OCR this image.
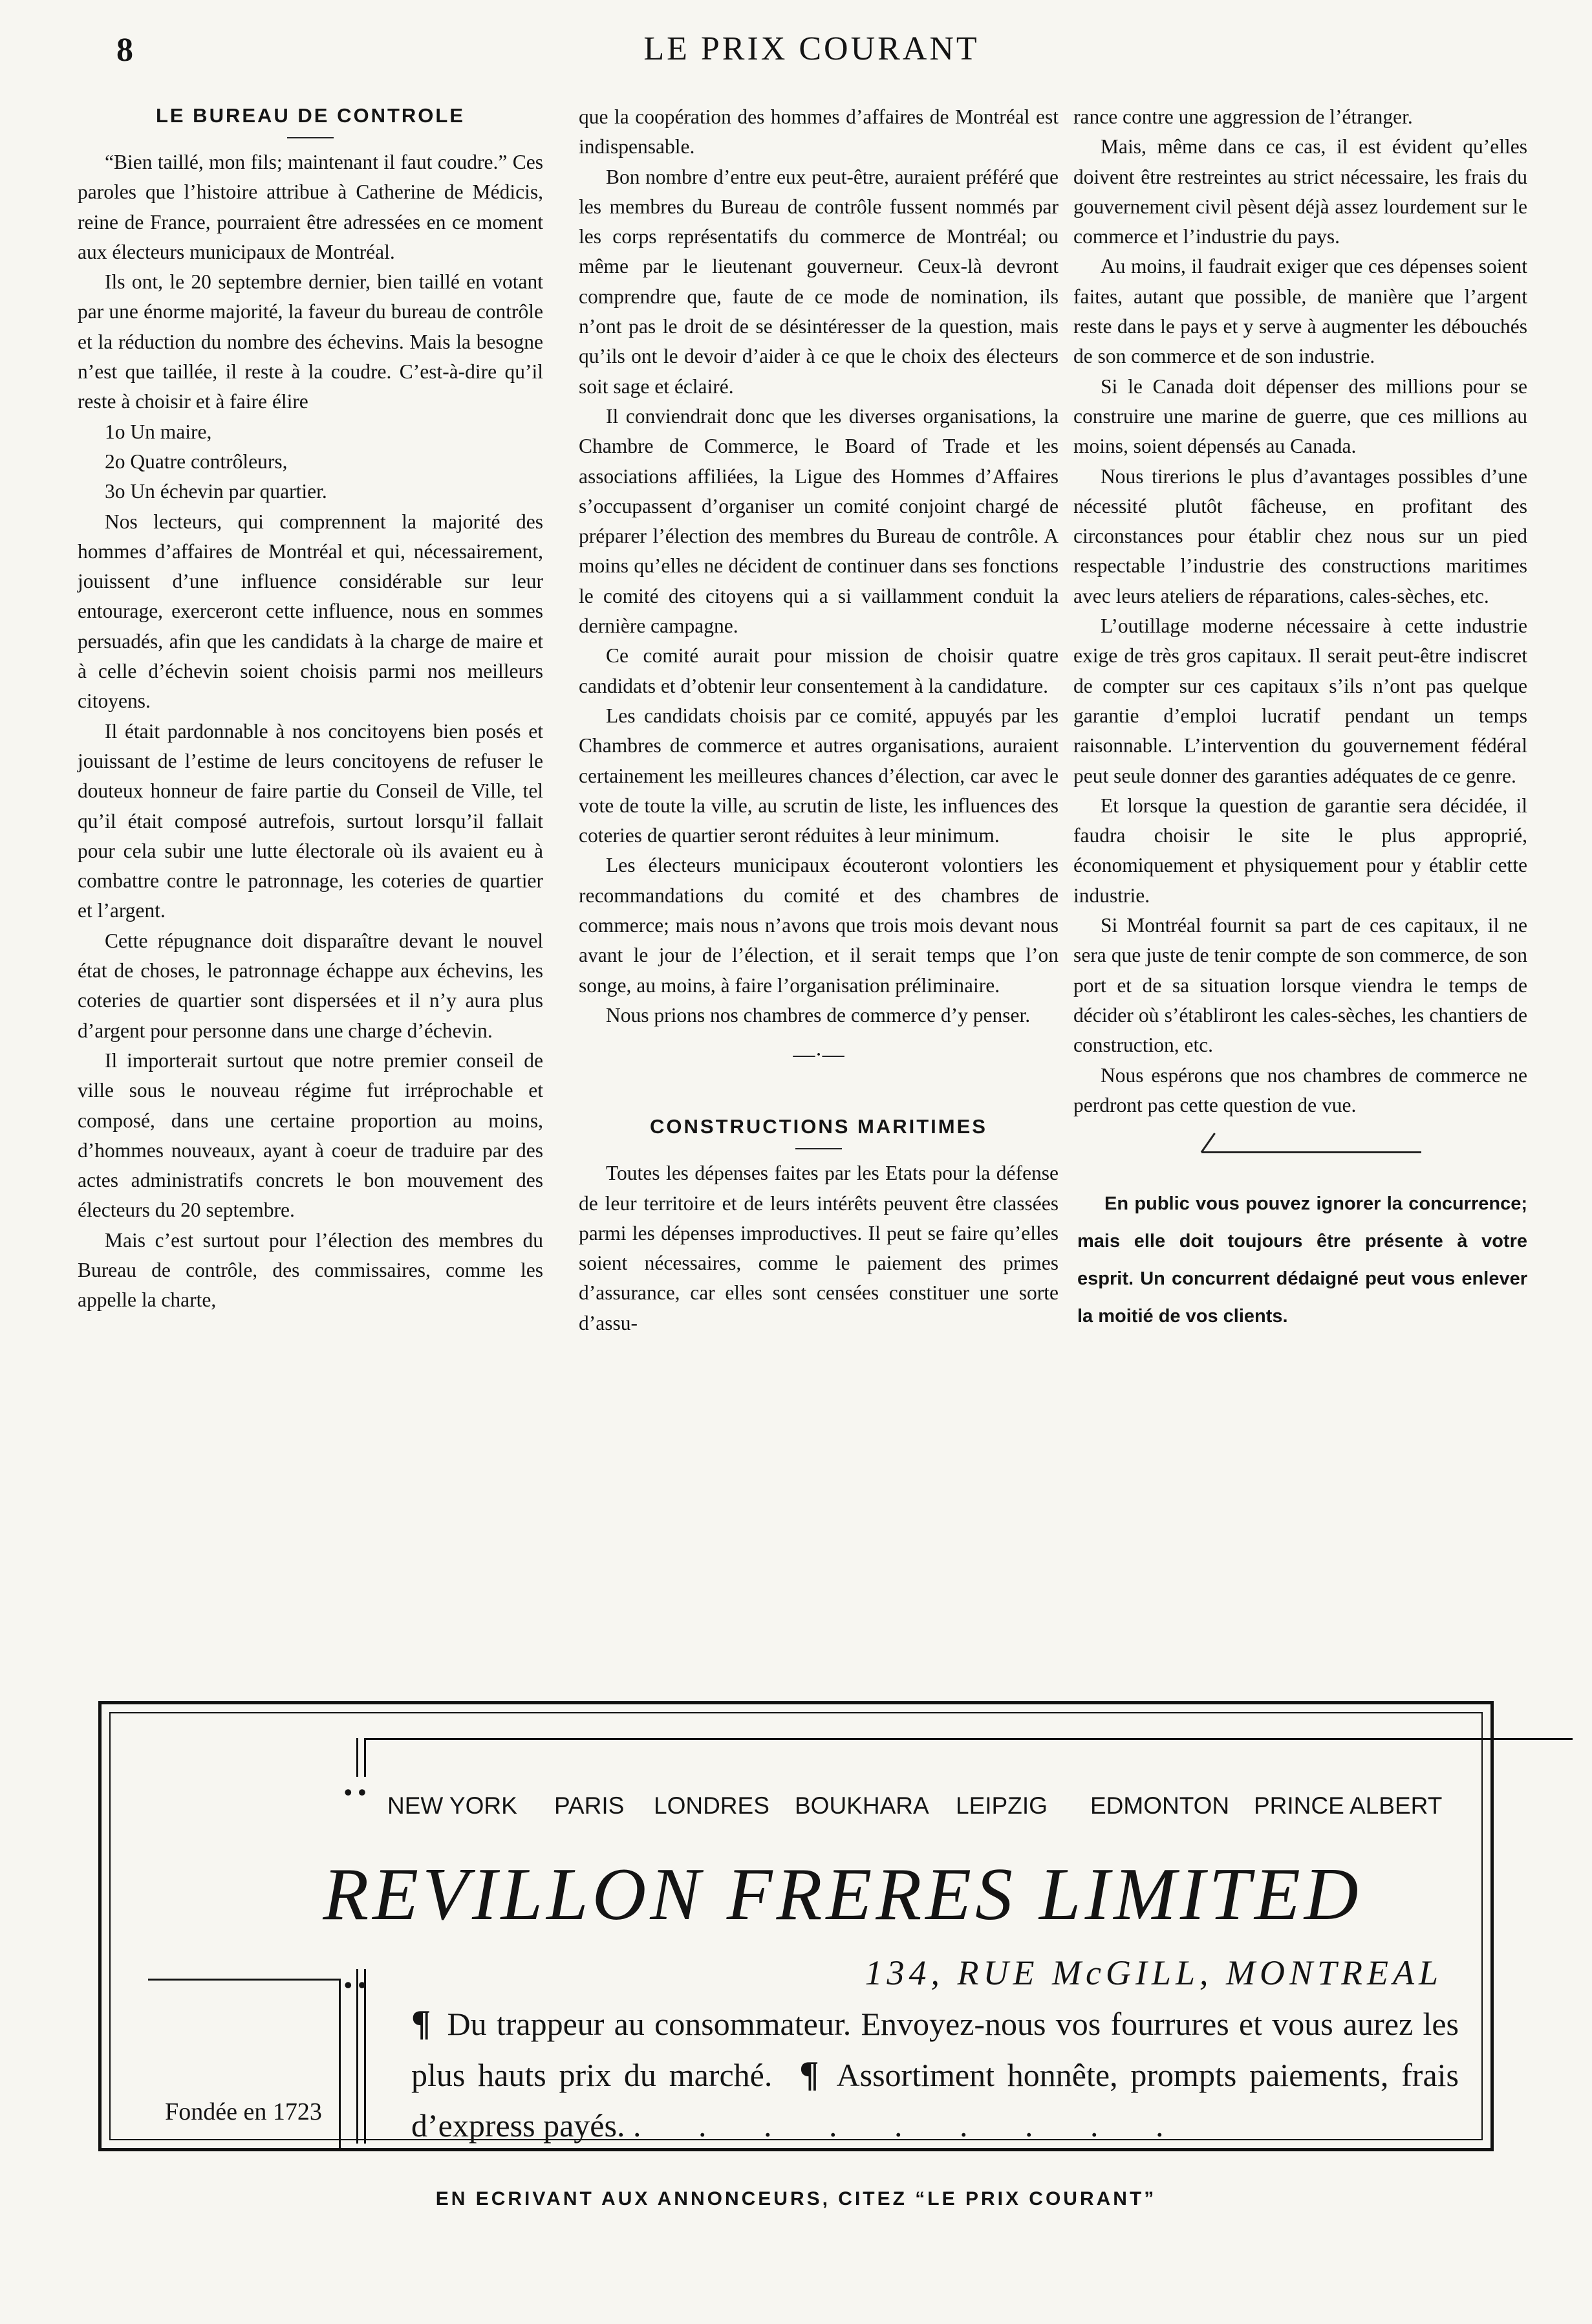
8	LE PRIX COURANT
LE BUREAU DE CONTROLE

“Bien taillé, mon fils; maintenant il faut coudre.” Ces paroles que l’histoire attribue à Catherine de Médicis, reine de France, pourraient être adressées en ce moment aux électeurs municipaux de Montréal.

Ils ont, le 20 septembre dernier, bien taillé en votant par une énorme majorité, la faveur du bureau de contrôle et la réduction du nombre des échevins. Mais la besogne n’est que taillée, il reste à la coudre. C’est-à-dire qu’il reste à choisir et à faire élire

1o Un maire,

2o Quatre contrôleurs,

3o Un échevin par quartier.

Nos lecteurs, qui comprennent la majorité des hommes d’affaires de Montréal et qui, nécessairement, jouissent d’une influence considérable sur leur entourage, exerceront cette influence, nous en sommes persuadés, afin que les candidats à la charge de maire et à celle d’échevin soient choisis parmi nos meilleurs citoyens.

Il était pardonnable à nos concitoyens bien posés et jouissant de l’estime de leurs concitoyens de refuser le douteux honneur de faire partie du Conseil de Ville, tel qu’il était composé autrefois, surtout lorsqu’il fallait pour cela subir une lutte électorale où ils avaient eu à combattre contre le patronnage, les coteries de quartier et l’argent.

Cette répugnance doit disparaître devant le nouvel état de choses, le patronnage échappe aux échevins, les coteries de quartier sont dispersées et il n’y aura plus d’argent pour personne dans une charge d’échevin.

Il importerait surtout que notre premier conseil de ville sous le nouveau régime fut irréprochable et composé, dans une certaine proportion au moins, d’hommes nouveaux, ayant à coeur de traduire par des actes administratifs concrets le bon mouvement des électeurs du 20 septembre.

Mais c’est surtout pour l’élection des membres du Bureau de contrôle, des commissaires, comme les appelle la charte,

que la coopération des hommes d’affaires de Montréal est indispensable.

Bon nombre d’entre eux peut-être, auraient préféré que les membres du Bureau de contrôle fussent nommés par les corps représentatifs du commerce de Montréal; ou même par le lieutenant gouverneur. Ceux-là devront comprendre que, faute de ce mode de nomination, ils n’ont pas le droit de se désintéresser de la question, mais qu’ils ont le devoir d’aider à ce que le choix des électeurs soit sage et éclairé.

Il conviendrait donc que les diverses organisations, la Chambre de Commerce, le Board of Trade et les associations affiliées, la Ligue des Hommes d’Affaires s’occupassent d’organiser un comité conjoint chargé de préparer l’élection des membres du Bureau de contrôle. A moins qu’elles ne décident de continuer dans ses fonctions le comité des citoyens qui a si vaillamment conduit la dernière campagne.

Ce comité aurait pour mission de choisir quatre candidats et d’obtenir leur consentement à la candidature.

Les candidats choisis par ce comité, appuyés par les Chambres de commerce et autres organisations, auraient certainement les meilleures chances d’élection, car avec le vote de toute la ville, au scrutin de liste, les influences des coteries de quartier seront réduites à leur minimum.

Les électeurs municipaux écouteront volontiers les recommandations du comité et des chambres de commerce; mais nous n’avons que trois mois devant nous avant le jour de l’élection, et il serait temps que l’on songe, au moins, à faire l’organisation préliminaire.

Nous prions nos chambres de commerce d’y penser.

—·—
CONSTRUCTIONS MARITIMES

Toutes les dépenses faites par les Etats pour la défense de leur territoire et de leurs intérêts peuvent être classées parmi les dépenses improductives. Il peut se faire qu’elles soient nécessaires, comme le paiement des primes d’assurance, car elles sont censées constituer une sorte d’assu-

rance contre une aggression de l’étranger.

Mais, même dans ce cas, il est évident qu’elles doivent être restreintes au strict nécessaire, les frais du gouvernement civil pèsent déjà assez lourdement sur le commerce et l’industrie du pays.

Au moins, il faudrait exiger que ces dépenses soient faites, autant que possible, de manière que l’argent reste dans le pays et y serve à augmenter les débouchés de son commerce et de son industrie.

Si le Canada doit dépenser des millions pour se construire une marine de guerre, que ces millions au moins, soient dépensés au Canada.

Nous tirerions le plus d’avantages possibles d’une nécessité plutôt fâcheuse, en profitant des circonstances pour établir chez nous sur un pied respectable l’industrie des constructions maritimes avec leurs ateliers de réparations, cales-sèches, etc.

L’outillage moderne nécessaire à cette industrie exige de très gros capitaux. Il serait peut-être indiscret de compter sur ces capitaux s’ils n’ont pas quelque garantie d’emploi lucratif pendant un temps raisonnable. L’intervention du gouvernement fédéral peut seule donner des garanties adéquates de ce genre.

Et lorsque la question de garantie sera décidée, il faudra choisir le site le plus approprié, économiquement et physiquement pour y établir cette industrie.

Si Montréal fournit sa part de ces capitaux, il ne sera que juste de tenir compte de son commerce, de son port et de sa situation lorsque viendra le temps de décider où s’établiront les cales-sèches, les chantiers de construction, etc.

Nous espérons que nos chambres de commerce ne perdront pas cette question de vue.

En public vous pouvez ignorer la concurrence; mais elle doit toujours être présente à votre esprit. Un concurrent dédaigné peut vous enlever la moitié de vos clients.
• • NEW YORK PARIS LONDRES BOUKHARA LEIPZIG EDMONTON PRINCE ALBERT
REVILLON FRERES LIMITED
134, RUE McGILL, MONTREAL
• •
Fondée en 1723
¶ Du trappeur au consommateur. Envoyez-nous vos fourrures et vous aurez les plus hauts prix du marché. ¶ Assortiment honnête, prompts paiements, frais d’express payés. . . . . . . . . .
EN ECRIVANT AUX ANNONCEURS, CITEZ “LE PRIX COURANT”
